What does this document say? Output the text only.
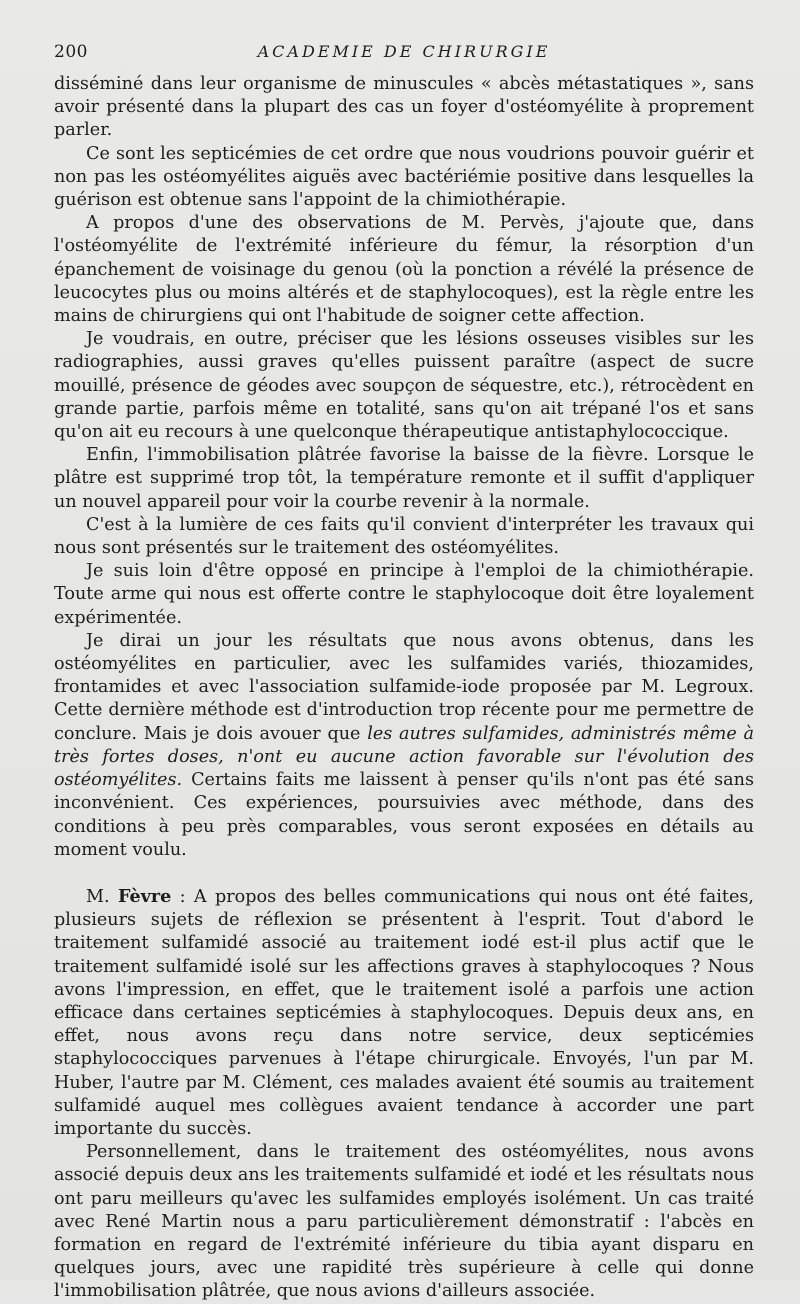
200	ACADEMIE DE CHIRURGIE

disséminé dans leur organisme de minuscules « abcès métastatiques », sans avoir présenté dans la plupart des cas un foyer d'ostéomyélite à proprement parler.

Ce sont les septicémies de cet ordre que nous voudrions pouvoir guérir et non pas les ostéomyélites aiguës avec bactériémie positive dans lesquelles la guérison est obtenue sans l'appoint de la chimiothérapie.

A propos d'une des observations de M. Pervès, j'ajoute que, dans l'ostéomyélite de l'extrémité inférieure du fémur, la résorption d'un épanchement de voisinage du genou (où la ponction a révélé la présence de leucocytes plus ou moins altérés et de staphylocoques), est la règle entre les mains de chirurgiens qui ont l'habitude de soigner cette affection.

Je voudrais, en outre, préciser que les lésions osseuses visibles sur les radiographies, aussi graves qu'elles puissent paraître (aspect de sucre mouillé, présence de géodes avec soupçon de séquestre, etc.), rétrocèdent en grande partie, parfois même en totalité, sans qu'on ait trépané l'os et sans qu'on ait eu recours à une quelconque thérapeutique antistaphylococcique.

Enfin, l'immobilisation plâtrée favorise la baisse de la fièvre. Lorsque le plâtre est supprimé trop tôt, la température remonte et il suffit d'appliquer un nouvel appareil pour voir la courbe revenir à la normale.

C'est à la lumière de ces faits qu'il convient d'interpréter les travaux qui nous sont présentés sur le traitement des ostéomyélites.

Je suis loin d'être opposé en principe à l'emploi de la chimiothérapie. Toute arme qui nous est offerte contre le staphylocoque doit être loyalement expérimentée.

Je dirai un jour les résultats que nous avons obtenus, dans les ostéomyélites en particulier, avec les sulfamides variés, thiozamides, frontamides et avec l'association sulfamide-iode proposée par M. Legroux. Cette dernière méthode est d'introduction trop récente pour me permettre de conclure. Mais je dois avouer que les autres sulfamides, administrés même à très fortes doses, n'ont eu aucune action favorable sur l'évolution des ostéomyélites. Certains faits me laissent à penser qu'ils n'ont pas été sans inconvénient. Ces expériences, poursuivies avec méthode, dans des conditions à peu près comparables, vous seront exposées en détails au moment voulu.

M. Fèvre : A propos des belles communications qui nous ont été faites, plusieurs sujets de réflexion se présentent à l'esprit. Tout d'abord le traitement sulfamidé associé au traitement iodé est-il plus actif que le traitement sulfamidé isolé sur les affections graves à staphylocoques ? Nous avons l'impression, en effet, que le traitement isolé a parfois une action efficace dans certaines septicémies à staphylocoques. Depuis deux ans, en effet, nous avons reçu dans notre service, deux septicémies staphylococciques parvenues à l'étape chirurgicale. Envoyés, l'un par M. Huber, l'autre par M. Clément, ces malades avaient été soumis au traitement sulfamidé auquel mes collègues avaient tendance à accorder une part importante du succès.

Personnellement, dans le traitement des ostéomyélites, nous avons associé depuis deux ans les traitements sulfamidé et iodé et les résultats nous ont paru meilleurs qu'avec les sulfamides employés isolément. Un cas traité avec René Martin nous a paru particulièrement démonstratif : l'abcès en formation en regard de l'extrémité inférieure du tibia ayant disparu en quelques jours, avec une rapidité très supérieure à celle qui donne l'immobilisation plâtrée, que nous avions d'ailleurs associée.
